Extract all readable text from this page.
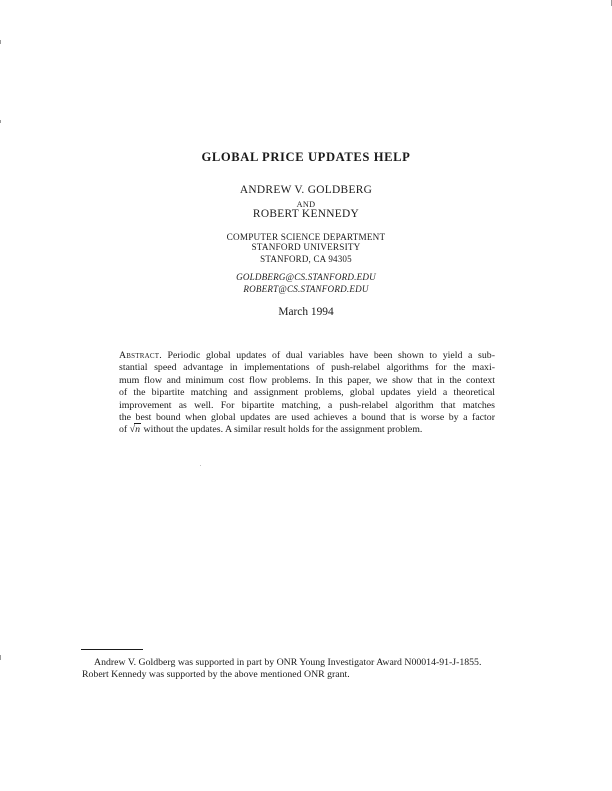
GLOBAL PRICE UPDATES HELP
ANDREW V. GOLDBERG
AND
ROBERT KENNEDY
COMPUTER SCIENCE DEPARTMENT
STANFORD UNIVERSITY
STANFORD, CA 94305
GOLDBERG@CS.STANFORD.EDU
ROBERT@CS.STANFORD.EDU
March 1994
Abstract. Periodic global updates of dual variables have been shown to yield a sub-
stantial speed advantage in implementations of push-relabel algorithms for the maxi-
mum flow and minimum cost flow problems. In this paper, we show that in the context
of the bipartite matching and assignment problems, global updates yield a theoretical
improvement as well. For bipartite matching, a push-relabel algorithm that matches
the best bound when global updates are used achieves a bound that is worse by a factor
of √n without the updates. A similar result holds for the assignment problem.
Andrew V. Goldberg was supported in part by ONR Young Investigator Award N00014-91-J-1855.
Robert Kennedy was supported by the above mentioned ONR grant.
